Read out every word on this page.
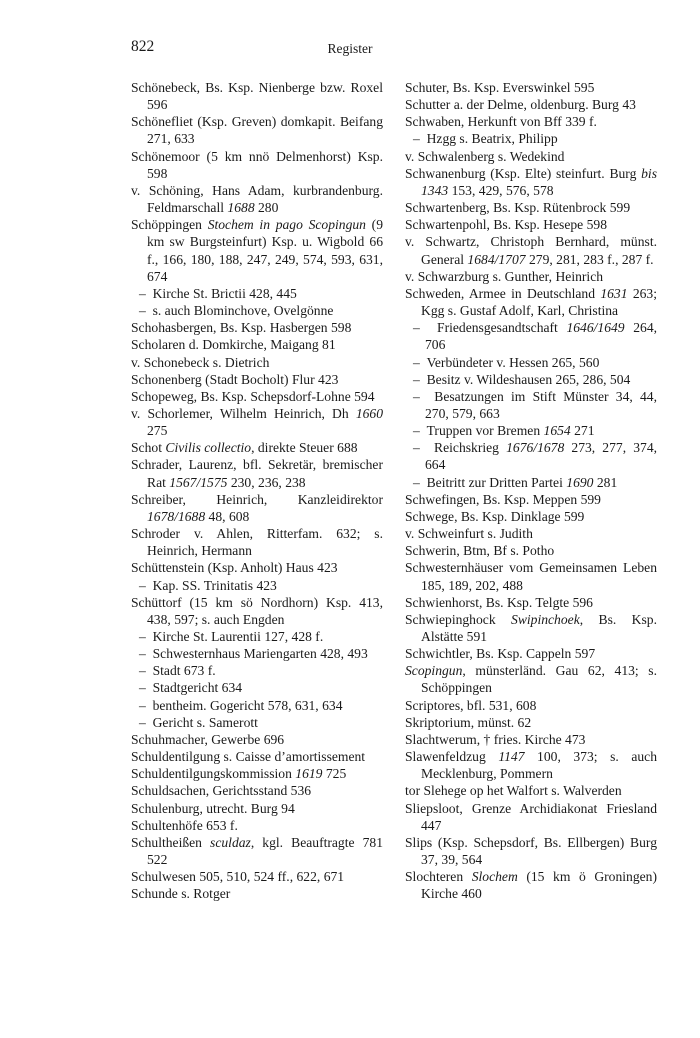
822	Register

Schönebeck, Bs. Ksp. Nienberge bzw. Roxel 596

Schönefliet (Ksp. Greven) domkapit. Beifang 271, 633

Schönemoor (5 km nnö Delmenhorst) Ksp. 598

v. Schöning, Hans Adam, kurbrandenburg. Feldmarschall 1688 280

Schöppingen Stochem in pago Scopingun (9 km sw Burgsteinfurt) Ksp. u. Wigbold 66 f., 166, 180, 188, 247, 249, 574, 593, 631, 674

–  Kirche St. Brictii 428, 445

–  s. auch Blominchove, Ovelgönne

Schohasbergen, Bs. Ksp. Hasbergen 598

Scholaren d. Domkirche, Maigang 81

v. Schonebeck s. Dietrich

Schonenberg (Stadt Bocholt) Flur 423

Schopeweg, Bs. Ksp. Schepsdorf-Lohne 594

v. Schorlemer, Wilhelm Heinrich, Dh 1660 275

Schot Civilis collectio, direkte Steuer 688

Schrader, Laurenz, bfl. Sekretär, bremischer Rat 1567/1575 230, 236, 238

Schreiber, Heinrich, Kanzleidirektor 1678/1688 48, 608

Schroder v. Ahlen, Ritterfam. 632; s. Heinrich, Hermann

Schüttenstein (Ksp. Anholt) Haus 423

–  Kap. SS. Trinitatis 423

Schüttorf (15 km sö Nordhorn) Ksp. 413, 438, 597; s. auch Engden

–  Kirche St. Laurentii 127, 428 f.

–  Schwesternhaus Mariengarten 428, 493

–  Stadt 673 f.

–  Stadtgericht 634

–  bentheim. Gogericht 578, 631, 634

–  Gericht s. Samerott

Schuhmacher, Gewerbe 696

Schuldentilgung s. Caisse d’amortissement

Schuldentilgungskommission 1619 725

Schuldsachen, Gerichtsstand 536

Schulenburg, utrecht. Burg 94

Schultenhöfe 653 f.

Schultheißen sculdaz, kgl. Beauftragte 781 522

Schulwesen 505, 510, 524 ff., 622, 671

Schunde s. Rotger

Schuter, Bs. Ksp. Everswinkel 595

Schutter a. der Delme, oldenburg. Burg 43

Schwaben, Herkunft von Bff 339 f.

–  Hzgg s. Beatrix, Philipp

v. Schwalenberg s. Wedekind

Schwanenburg (Ksp. Elte) steinfurt. Burg bis 1343 153, 429, 576, 578

Schwartenberg, Bs. Ksp. Rütenbrock 599

Schwartenpohl, Bs. Ksp. Hesepe 598

v. Schwartz, Christoph Bernhard, münst. General 1684/1707 279, 281, 283 f., 287 f.

v. Schwarzburg s. Gunther, Heinrich

Schweden, Armee in Deutschland 1631 263; Kgg s. Gustaf Adolf, Karl, Christina

–  Friedensgesandtschaft 1646/1649 264, 706

–  Verbündeter v. Hessen 265, 560

–  Besitz v. Wildeshausen 265, 286, 504

–  Besatzungen im Stift Münster 34, 44, 270, 579, 663

–  Truppen vor Bremen 1654 271

–  Reichskrieg 1676/1678 273, 277, 374, 664

–  Beitritt zur Dritten Partei 1690 281

Schwefingen, Bs. Ksp. Meppen 599

Schwege, Bs. Ksp. Dinklage 599

v. Schweinfurt s. Judith

Schwerin, Btm, Bf s. Potho

Schwesternhäuser vom Gemeinsamen Leben 185, 189, 202, 488

Schwienhorst, Bs. Ksp. Telgte 596

Schwiepinghock Swipinchoek, Bs. Ksp. Alstätte 591

Schwichtler, Bs. Ksp. Cappeln 597

Scopingun, münsterländ. Gau 62, 413; s. Schöppingen

Scriptores, bfl. 531, 608

Skriptorium, münst. 62

Slachtwerum, † fries. Kirche 473

Slawenfeldzug 1147 100, 373; s. auch Mecklenburg, Pommern

tor Slehege op het Walfort s. Walverden

Sliepsloot, Grenze Archidiakonat Friesland 447

Slips (Ksp. Schepsdorf, Bs. Ellbergen) Burg 37, 39, 564

Slochteren Slochem (15 km ö Groningen) Kirche 460
